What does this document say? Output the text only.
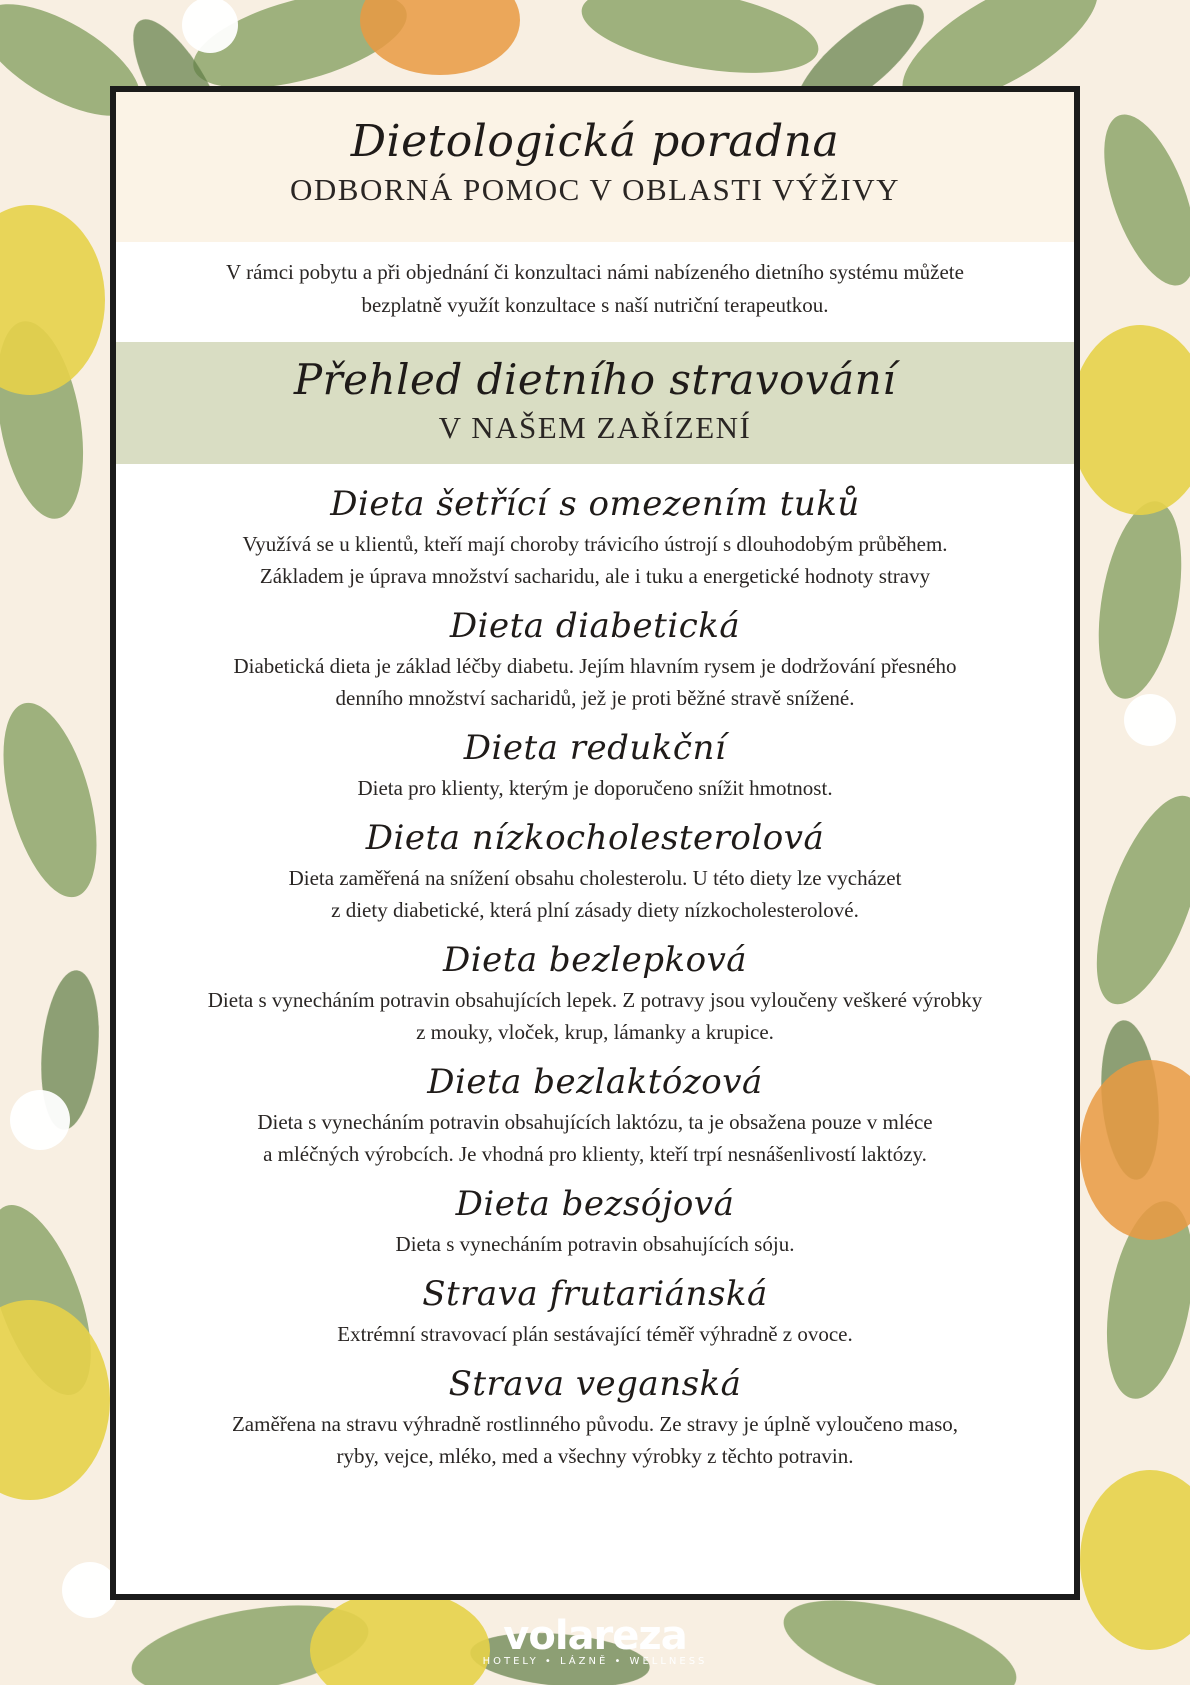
Dietologická poradna
ODBORNÁ POMOC V OBLASTI VÝŽIVY
V rámci pobytu a při objednání či konzultaci námi nabízeného dietního systému můžete
bezplatně využít konzultace s naší nutriční terapeutkou.
Přehled dietního stravování
V NAŠEM ZAŘÍZENÍ
Dieta šetřící s omezením tuků

Využívá se u klientů, kteří mají choroby trávicího ústrojí s dlouhodobým průběhem.
Základem je úprava množství sacharidu, ale i tuku a energetické hodnoty stravy

Dieta diabetická

Diabetická dieta je základ léčby diabetu. Jejím hlavním rysem je dodržování přesného
denního množství sacharidů, jež je proti běžné stravě snížené.

Dieta redukční

Dieta pro klienty, kterým je doporučeno snížit hmotnost.

Dieta nízkocholesterolová

Dieta zaměřená na snížení obsahu cholesterolu. U této diety lze vycházet
z diety diabetické, která plní zásady diety nízkocholesterolové.

Dieta bezlepková

Dieta s vynecháním potravin obsahujících lepek. Z potravy jsou vyloučeny veškeré výrobky
z mouky, vloček, krup, lámanky a krupice.

Dieta bezlaktózová

Dieta s vynecháním potravin obsahujících laktózu, ta je obsažena pouze v mléce
a mléčných výrobcích. Je vhodná pro klienty, kteří trpí nesnášenlivostí laktózy.

Dieta bezsójová

Dieta s vynecháním potravin obsahujících sóju.

Strava frutariánská

Extrémní stravovací plán sestávající téměř výhradně z ovoce.

Strava veganská

Zaměřena na stravu výhradně rostlinného původu. Ze stravy je úplně vyloučeno maso,
ryby, vejce, mléko, med a všechny výrobky z těchto potravin.

volareza
HOTELY • LÁZNĚ • WELLNESS
